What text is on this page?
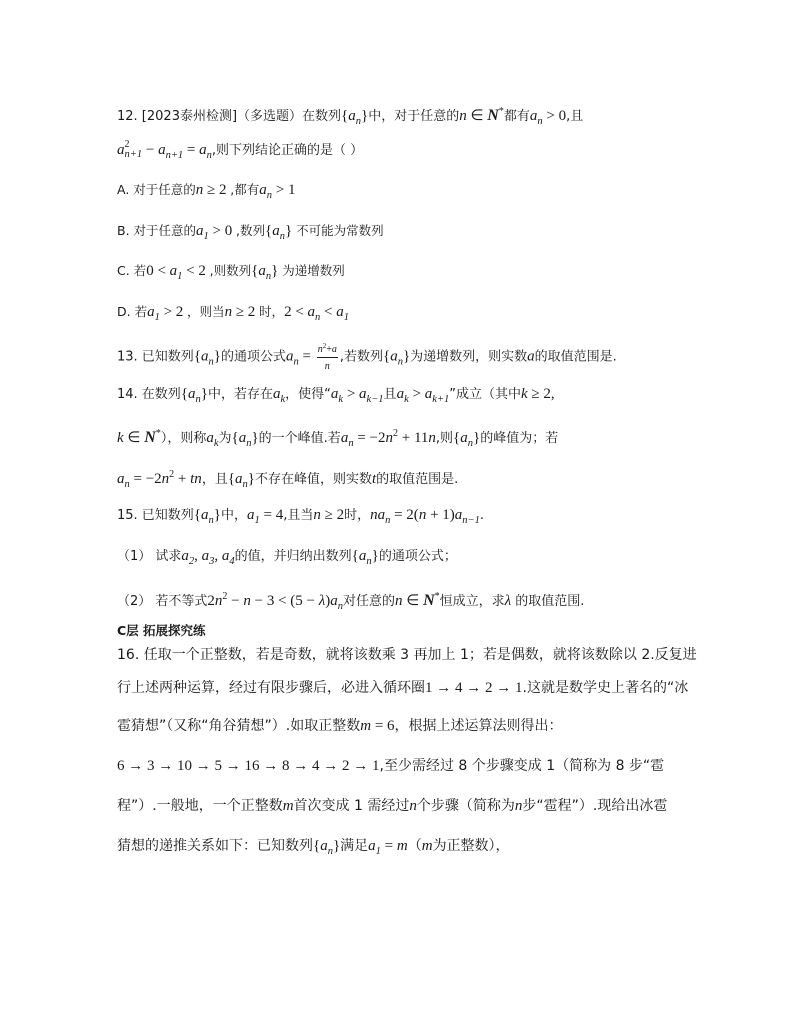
12. [2023泰州检测]（多选题）在数列$\{a_n\}$中，对于任意的n ∈ N*都有$a_n > 0$,且
a 2
$n+1 - a_{n+1} = a_n$,则下列结论正确的是（ ）
A. 对于任意的n ≥ 2 ,都有$a_n > 1$
B. 对于任意的$a_1 > 0$ ,数列$\{a_n\}$ 不可能为常数列
C. 若$0 < a_1 < 2$ ,则数列$\{a_n\}$ 为递增数列
D. 若$a_1 > 2$ ，则当n ≥ 2 时，$2 < a_n < a_1$
13. 已知数列$\{a_n\}$的通项公式$a_n = \frac{n^2+a}{n}$ ,若数列$\{a_n\}$为递增数列，则实数a的取值范围是.
14. 在数列$\{a_n\}$中，若存在$a_k$，使得“$a_k > a_{k-1}$且$a_k > a_{k+1}$”成立（其中k ≥ 2,
k ∈ N*），则称$a_k$为$\{a_n\}$的一个峰值.若$a_n = -2n^2 + 11n$,则$\{a_n\}$的峰值为；若
$a_n = -2n^2$ + tn，且$\{a_n\}$不存在峰值，则实数t的取值范围是.
15. 已知数列$\{a_n\}$中，$a_1 = 4$,且当n ≥ 2时，$na_n = 2(n + 1)a_{n-1}$.
（1） 试求$a_2$, $a_3$, $a_4$的值，并归纳出数列$\{a_n\}$的通项公式；
（2） 若不等式$2n^2 - n - 3 < (5 - \lambda)a_n$对任意的n ∈ N*恒成立，求λ 的取值范围.
C层 拓展探究练
16. 任取一个正整数，若是奇数，就将该数乘 3 再加上 1；若是偶数，就将该数除以 2.反复进
行上述两种运算，经过有限步骤后，必进入循环圈1 → 4 → 2 → 1.这就是数学史上著名的“冰
雹猜想”（又称“角谷猜想”）.如取正整数m = 6，根据上述运算法则得出：
6 → 3 → 10 → 5 → 16 → 8 → 4 → 2 → 1,至少需经过 8 个步骤变成 1（简称为 8 步“雹
程”）.一般地，一个正整数m首次变成 1 需经过n个步骤（简称为n步“雹程”）.现给出冰雹
猜想的递推关系如下：已知数列$\{a_n\}$满足$a_1 = m(m$为正整数），
